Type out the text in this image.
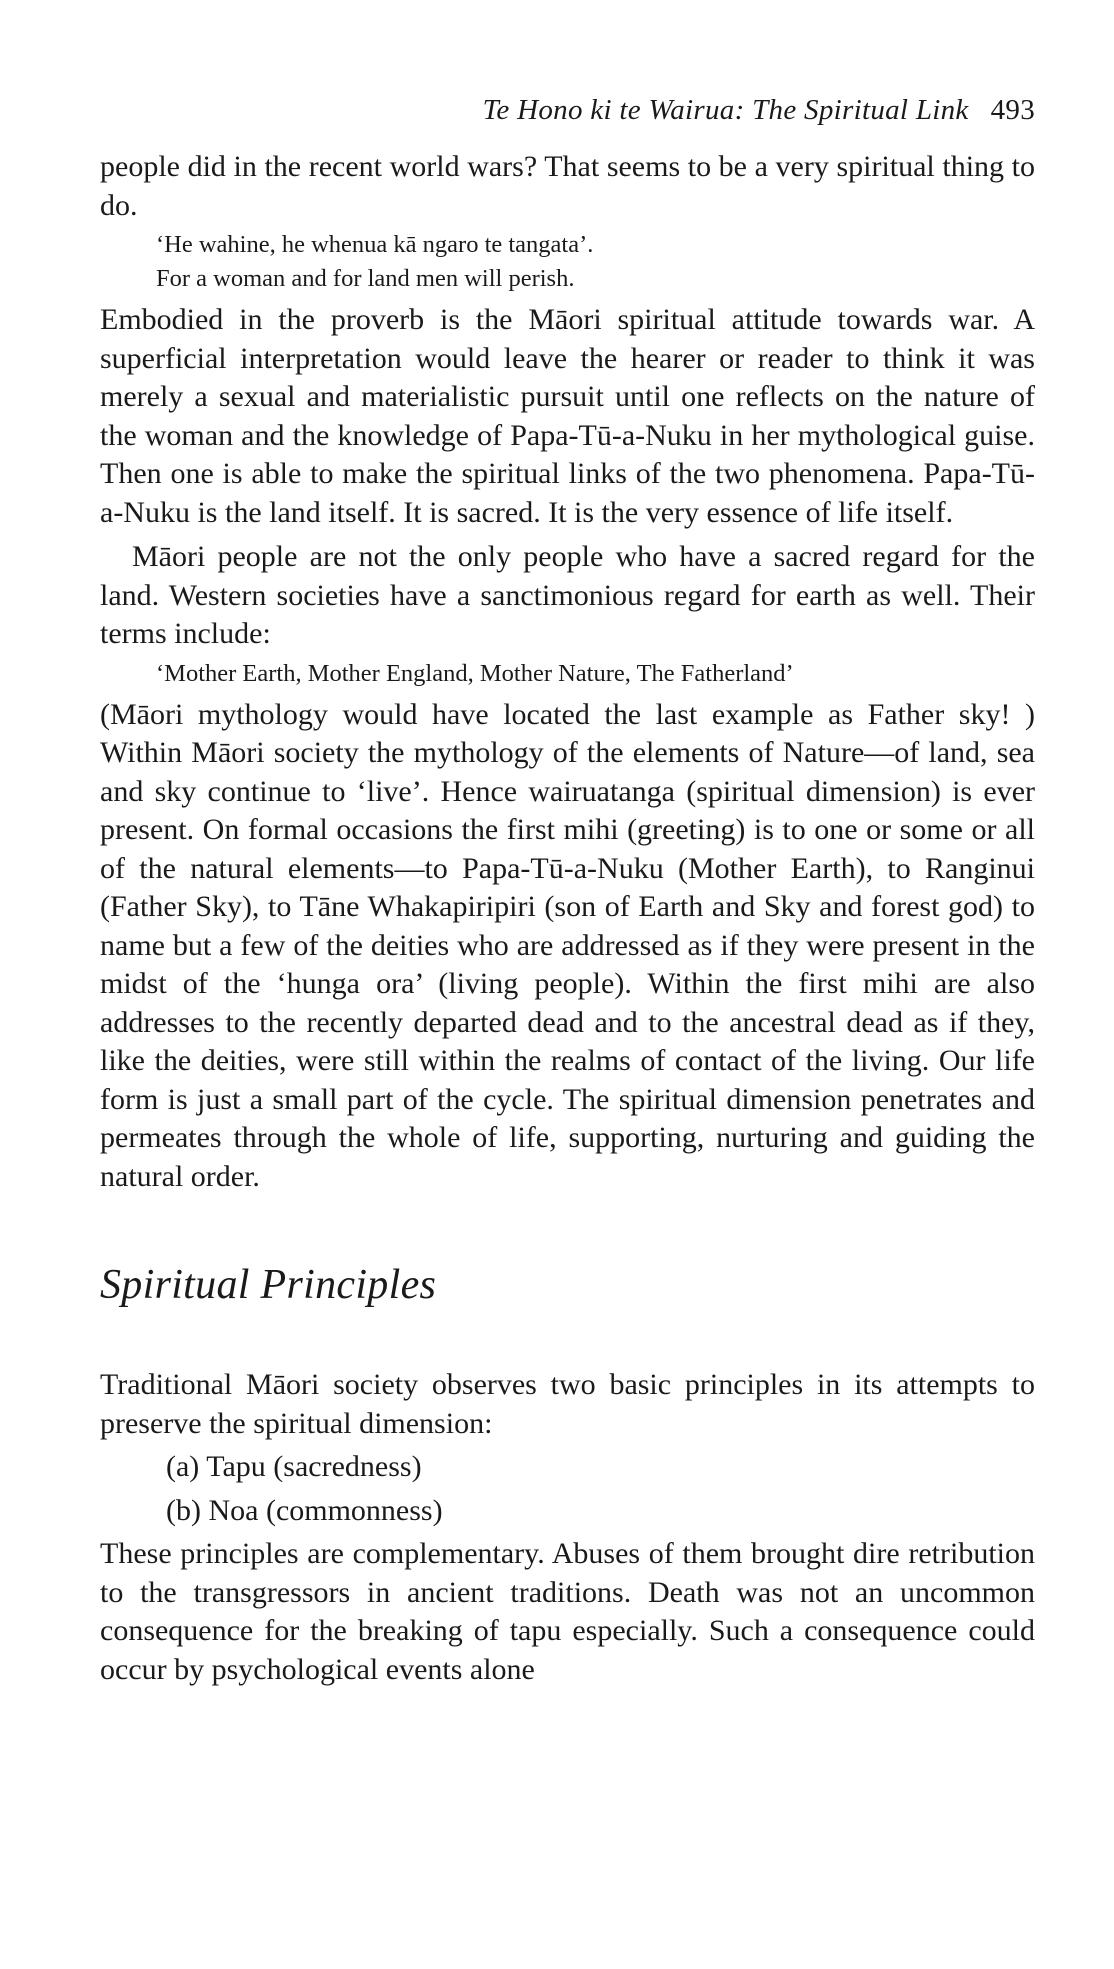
Te Hono ki te Wairua: The Spiritual Link 493

people did in the recent world wars? That seems to be a very spiritual thing to do.

‘He wahine, he whenua kā ngaro te tangata’.
For a woman and for land men will perish.

Embodied in the proverb is the Māori spiritual attitude towards war. A superficial interpretation would leave the hearer or reader to think it was merely a sexual and materialistic pursuit until one reflects on the nature of the woman and the knowledge of Papa-Tū-a-Nuku in her mythological guise. Then one is able to make the spiritual links of the two phenomena. Papa-Tū-a-Nuku is the land itself. It is sacred. It is the very essence of life itself.

Māori people are not the only people who have a sacred regard for the land. Western societies have a sanctimonious regard for earth as well. Their terms include:

‘Mother Earth, Mother England, Mother Nature, The Fatherland’

(Māori mythology would have located the last example as Father sky! ) Within Māori society the mythology of the elements of Nature—of land, sea and sky continue to ‘live’. Hence wairuatanga (spiritual dimension) is ever present. On formal occasions the first mihi (greeting) is to one or some or all of the natural elements—to Papa-Tū-a-Nuku (Mother Earth), to Ranginui (Father Sky), to Tāne Whakapiripiri (son of Earth and Sky and forest god) to name but a few of the deities who are addressed as if they were present in the midst of the ‘hunga ora’ (living people). Within the first mihi are also addresses to the recently departed dead and to the ancestral dead as if they, like the deities, were still within the realms of contact of the living. Our life form is just a small part of the cycle. The spiritual dimension penetrates and permeates through the whole of life, supporting, nurturing and guiding the natural order.

Spiritual Principles

Traditional Māori society observes two basic principles in its attempts to preserve the spiritual dimension:

(a) Tapu (sacredness)
(b) Noa (commonness)

These principles are complementary. Abuses of them brought dire retribution to the transgressors in ancient traditions. Death was not an uncommon consequence for the breaking of tapu especially. Such a consequence could occur by psychological events alone
